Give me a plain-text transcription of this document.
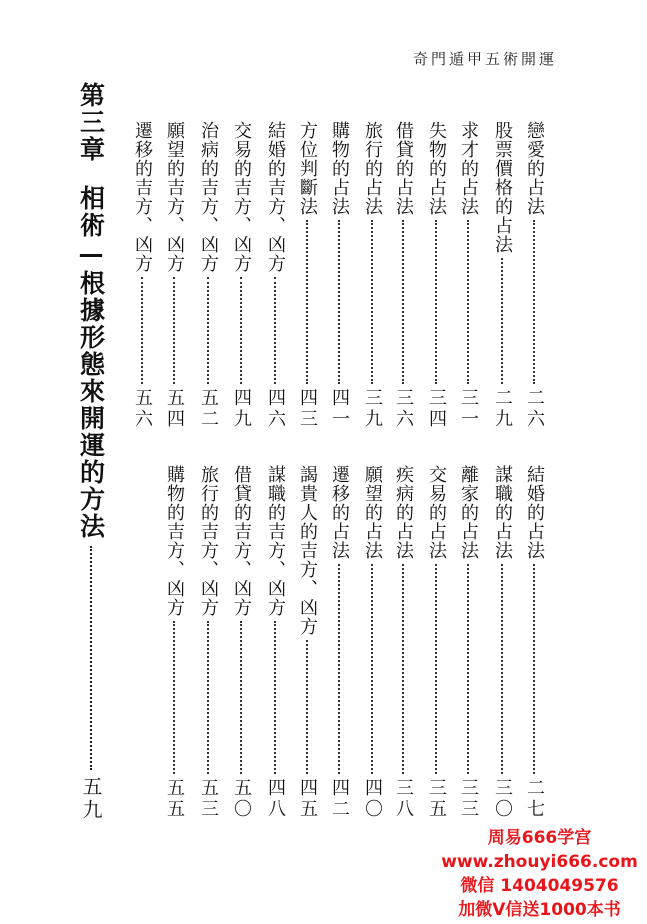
奇門遁甲五術開運
第三章
相術—根據形態來開運的方法
五九
戀愛的占法
二六
股票價格的占法
二九
求才的占法
三一
失物的占法
三四
借貸的占法
三六
旅行的占法
三九
購物的占法
四一
方位判斷法
四三
結婚的吉方、凶方
四六
交易的吉方、凶方
四九
治病的吉方、凶方
五二
願望的吉方、凶方
五四
遷移的吉方、凶方
五六
結婚的占法
二七
謀職的占法
三〇
離家的占法
三三
交易的占法
三五
疾病的占法
三八
願望的占法
四〇
遷移的占法
四二
謁貴人的吉方、凶方
四五
謀職的吉方、凶方
四八
借貸的吉方、凶方
五〇
旅行的吉方、凶方
五三
購物的吉方、凶方
五五
周易666学宫
www.zhouyi666.com
微信 1404049576
加微V信送1000本书
